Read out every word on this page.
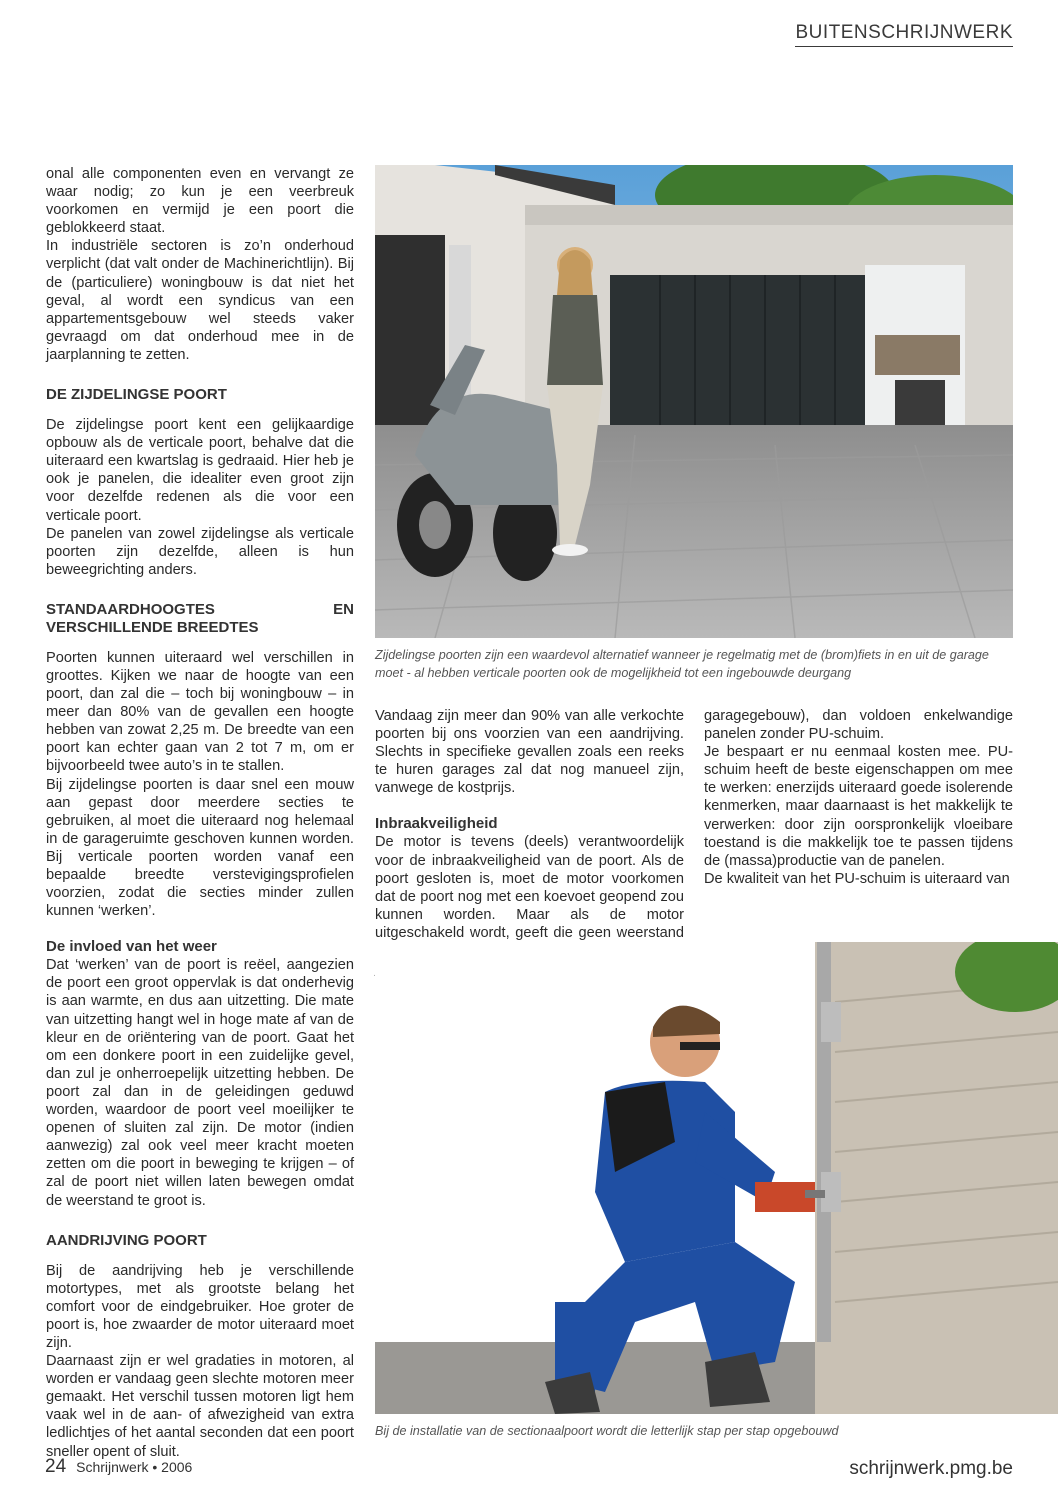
BUITENSCHRIJNWERK

onal alle componenten even en vervangt ze waar nodig; zo kun je een veerbreuk voorkomen en vermijd je een poort die geblokkeerd staat.

In industriële sectoren is zo’n onderhoud verplicht (dat valt onder de Machinerichtlijn). Bij de (particuliere) woningbouw is dat niet het geval, al wordt een syndicus van een appartementsgebouw wel steeds vaker gevraagd om dat onderhoud mee in de jaarplanning te zetten.

DE ZIJDELINGSE POORT

De zijdelingse poort kent een gelijkaardige opbouw als de verticale poort, behalve dat die uiteraard een kwartslag is gedraaid. Hier heb je ook je panelen, die idealiter even groot zijn voor dezelfde redenen als die voor een verticale poort.

De panelen van zowel zijdelingse als verticale poorten zijn dezelfde, alleen is hun beweegrichting anders.

STANDAARDHOOGTES EN VERSCHILLENDE BREEDTES

Poorten kunnen uiteraard wel verschillen in groottes. Kijken we naar de hoogte van een poort, dan zal die – toch bij woningbouw – in meer dan 80% van de gevallen een hoogte hebben van zowat 2,25 m. De breedte van een poort kan echter gaan van 2 tot 7 m, om er bijvoorbeeld twee auto’s in te stallen.

Bij zijdelingse poorten is daar snel een mouw aan gepast door meerdere secties te gebruiken, al moet die uiteraard nog helemaal in de garageruimte geschoven kunnen worden. Bij verticale poorten worden vanaf een bepaalde breedte verstevigingsprofielen voorzien, zodat die secties minder zullen kunnen ‘werken’.

De invloed van het weer

Dat ‘werken’ van de poort is reëel, aangezien de poort een groot oppervlak is dat onderhevig is aan warmte, en dus aan uitzetting. Die mate van uitzetting hangt wel in hoge mate af van de kleur en de oriëntering van de poort. Gaat het om een donkere poort in een zuidelijke gevel, dan zul je onherroepelijk uitzetting hebben. De poort zal dan in de geleidingen geduwd worden, waardoor de poort veel moeilijker te openen of sluiten zal zijn. De motor (indien aanwezig) zal ook veel meer kracht moeten zetten om die poort in beweging te krijgen – of zal de poort niet willen laten bewegen omdat de weerstand te groot is.

AANDRIJVING POORT

Bij de aandrijving heb je verschillende motortypes, met als grootste belang het comfort voor de eindgebruiker. Hoe groter de poort is, hoe zwaarder de motor uiteraard moet zijn.

Daarnaast zijn er wel gradaties in motoren, al worden er vandaag geen slechte motoren meer gemaakt. Het verschil tussen motoren ligt hem vaak wel in de aan- of afwezigheid van extra ledlichtjes of het aantal seconden dat een poort sneller opent of sluit.

Zijdelingse poorten zijn een waardevol alternatief wanneer je regelmatig met de (brom)fiets in en uit de garage moet - al hebben verticale poorten ook de mogelijkheid tot een ingebouwde deurgang

Vandaag zijn meer dan 90% van alle verkochte poorten bij ons voorzien van een aandrijving. Slechts in specifieke gevallen zoals een reeks te huren garages zal dat nog manueel zijn, vanwege de kostprijs.

Inbraakveiligheid

De motor is tevens (deels) verantwoordelijk voor de inbraakveiligheid van de poort. Als de poort gesloten is, moet de motor voorkomen dat de poort nog met een koevoet geopend zou kunnen worden. Maar als de motor uitgeschakeld wordt, geeft die geen weerstand

garagegebouw), dan voldoen enkelwandige panelen zonder PU-schuim.

Je bespaart er nu eenmaal kosten mee. PU-schuim heeft de beste eigenschappen om mee te werken: enerzijds uiteraard goede isolerende kenmerken, maar daarnaast is het makkelijk te verwerken: door zijn oorspronkelijk vloeibare toestand is die makkelijk toe te passen tijdens de (massa)productie van de panelen.

De kwaliteit van het PU-schuim is uiteraard van

Bij de installatie van de sectionaalpoort wordt die letterlijk stap per stap opgebouwd
24 Schrijnwerk • 2006	schrijnwerk.pmg.be
